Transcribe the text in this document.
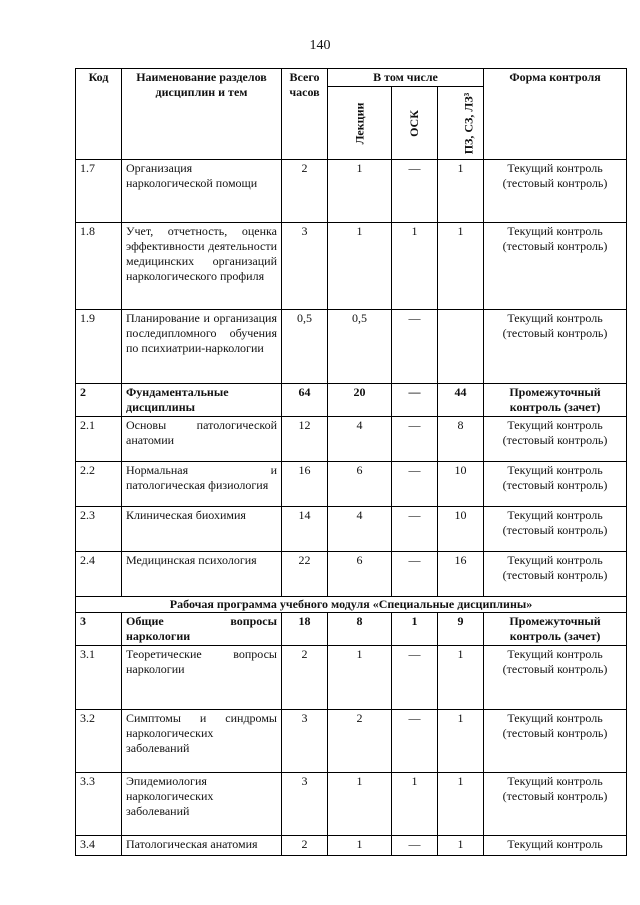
140
Код	Наименование разделов дисциплин и тем	Всего часов	В том числе			Форма контроля
			Лекции	ОСК	ПЗ, СЗ, ЛЗ³	
1.7	Организация наркологической помощи	2	1	—	1	Текущий контроль (тестовый контроль)
1.8	Учет, отчетность, оценка эффективности деятельности медицинских организаций наркологического профиля	3	1	1	1	Текущий контроль (тестовый контроль)
1.9	Планирование и организация последипломного обучения по психиатрии-наркологии	0,5	0,5	—		Текущий контроль (тестовый контроль)
2	Фундаментальные дисциплины	64	20	—	44	Промежуточный контроль (зачет)
2.1	Основы патологической анатомии	12	4	—	8	Текущий контроль (тестовый контроль)
2.2	Нормальная и патологическая физиология	16	6	—	10	Текущий контроль (тестовый контроль)
2.3	Клиническая биохимия	14	4	—	10	Текущий контроль (тестовый контроль)
2.4	Медицинская психология	22	6	—	16	Текущий контроль (тестовый контроль)
Рабочая программа учебного модуля «Специальные дисциплины»						
3	Общие вопросы наркологии	18	8	1	9	Промежуточный контроль (зачет)
3.1	Теоретические вопросы наркологии	2	1	—	1	Текущий контроль (тестовый контроль)
3.2	Симптомы и синдромы наркологических заболеваний	3	2	—	1	Текущий контроль (тестовый контроль)
3.3	Эпидемиология наркологических заболеваний	3	1	1	1	Текущий контроль (тестовый контроль)
3.4	Патологическая анатомия	2	1	—	1	Текущий контроль
